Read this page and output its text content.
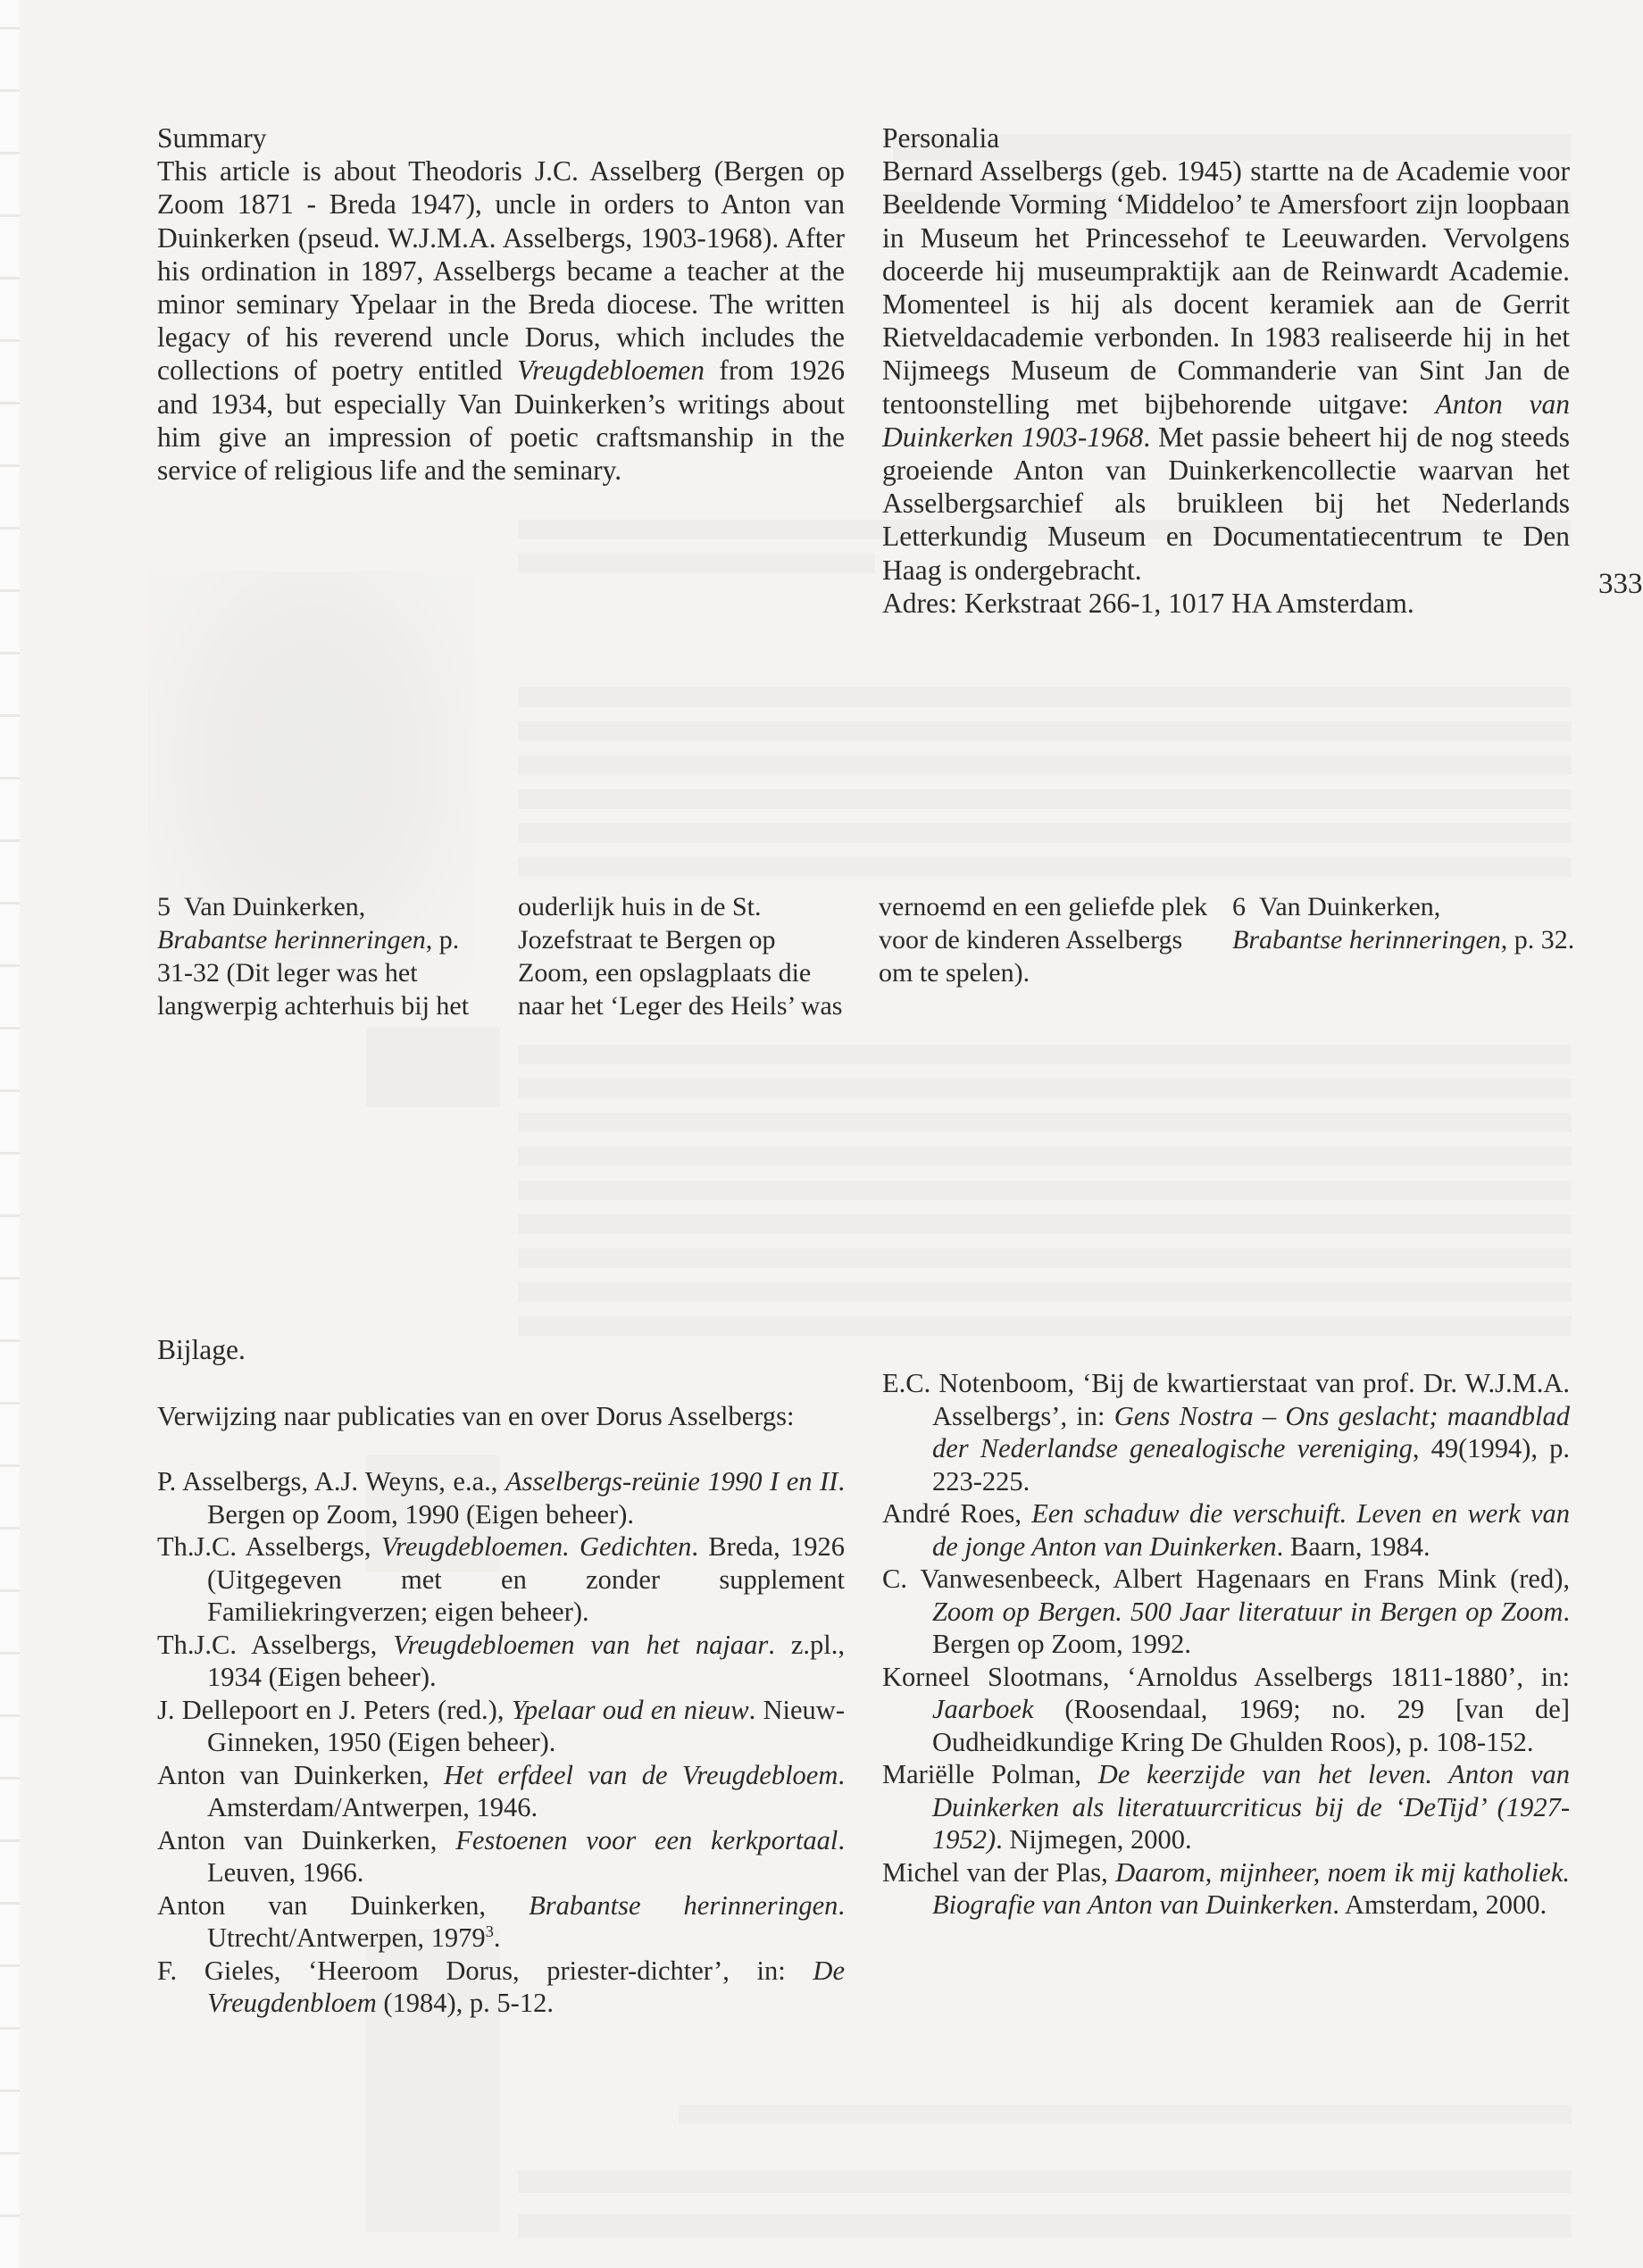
333
Summary

This article is about Theodoris J.C. Asselberg (Bergen op Zoom 1871 - Breda 1947), uncle in orders to Anton van Duinkerken (pseud. W.J.M.A. Asselbergs, 1903-1968). After his ordination in 1897, Asselbergs became a teacher at the minor seminary Ypelaar in the Breda diocese. The written legacy of his reverend uncle Dorus, which includes the collections of poetry entitled Vreugdebloemen from 1926 and 1934, but especially Van Duinkerken’s writings about him give an impression of poetic craftsmanship in the service of religious life and the seminary.

Personalia

Bernard Asselbergs (geb. 1945) startte na de Academie voor Beeldende Vorming ‘Middeloo’ te Amersfoort zijn loopbaan in Museum het Princessehof te Leeuwarden. Vervolgens doceerde hij museumpraktijk aan de Reinwardt Academie. Momenteel is hij als docent keramiek aan de Gerrit Rietveldacademie verbonden. In 1983 realiseerde hij in het Nijmeegs Museum de Commanderie van Sint Jan de tentoonstelling met bijbehorende uitgave: Anton van Duinkerken 1903-1968. Met passie beheert hij de nog steeds groeiende Anton van Duinkerkencollectie waarvan het Asselbergsarchief als bruikleen bij het Nederlands Letterkundig Museum en Documentatiecentrum te Den Haag is ondergebracht.

Adres: Kerkstraat 266-1, 1017 HA Amsterdam.

5 Van Duinkerken,
Brabantse herinneringen, p. 31-32 (Dit leger was het langwerpig achterhuis bij het ouderlijk huis in de St. Jozefstraat te Bergen op Zoom, een opslagplaats die naar het ‘Leger des Heils’ was vernoemd en een geliefde plek voor de kinderen Asselbergs om te spelen).
6 Van Duinkerken,
Brabantse herinneringen, p. 32.
Bijlage.

Verwijzing naar publicaties van en over Dorus Asselbergs:

P. Asselbergs, A.J. Weyns, e.a., Asselbergs-reünie 1990 I en II. Bergen op Zoom, 1990 (Eigen beheer).

Th.J.C. Asselbergs, Vreugdebloemen. Gedichten. Breda, 1926 (Uitgegeven met en zonder supplement Familiekringverzen; eigen beheer).

Th.J.C. Asselbergs, Vreugdebloemen van het najaar. z.pl., 1934 (Eigen beheer).

J. Dellepoort en J. Peters (red.), Ypelaar oud en nieuw. Nieuw-Ginneken, 1950 (Eigen beheer).

Anton van Duinkerken, Het erfdeel van de Vreugdebloem. Amsterdam/Antwerpen, 1946.

Anton van Duinkerken, Festoenen voor een kerkportaal. Leuven, 1966.

Anton van Duinkerken, Brabantse herinneringen. Utrecht/Antwerpen, 1979$^3$.

F. Gieles, ‘Heeroom Dorus, priester-dichter’, in: De Vreugdenbloem (1984), p. 5-12.

E.C. Notenboom, ‘Bij de kwartierstaat van prof. Dr. W.J.M.A. Asselbergs’, in: Gens Nostra – Ons geslacht; maandblad der Nederlandse genealogische vereniging, 49(1994), p. 223-225.

André Roes, Een schaduw die verschuift. Leven en werk van de jonge Anton van Duinkerken. Baarn, 1984.

C. Vanwesenbeeck, Albert Hagenaars en Frans Mink (red), Zoom op Bergen. 500 Jaar literatuur in Bergen op Zoom. Bergen op Zoom, 1992.

Korneel Slootmans, ‘Arnoldus Asselbergs 1811-1880’, in: Jaarboek (Roosendaal, 1969; no. 29 [van de] Oudheidkundige Kring De Ghulden Roos), p. 108-152.

Mariëlle Polman, De keerzijde van het leven. Anton van Duinkerken als literatuurcriticus bij de ‘DeTijd’ (1927-1952). Nijmegen, 2000.

Michel van der Plas, Daarom, mijnheer, noem ik mij katholiek. Biografie van Anton van Duinkerken. Amsterdam, 2000.
